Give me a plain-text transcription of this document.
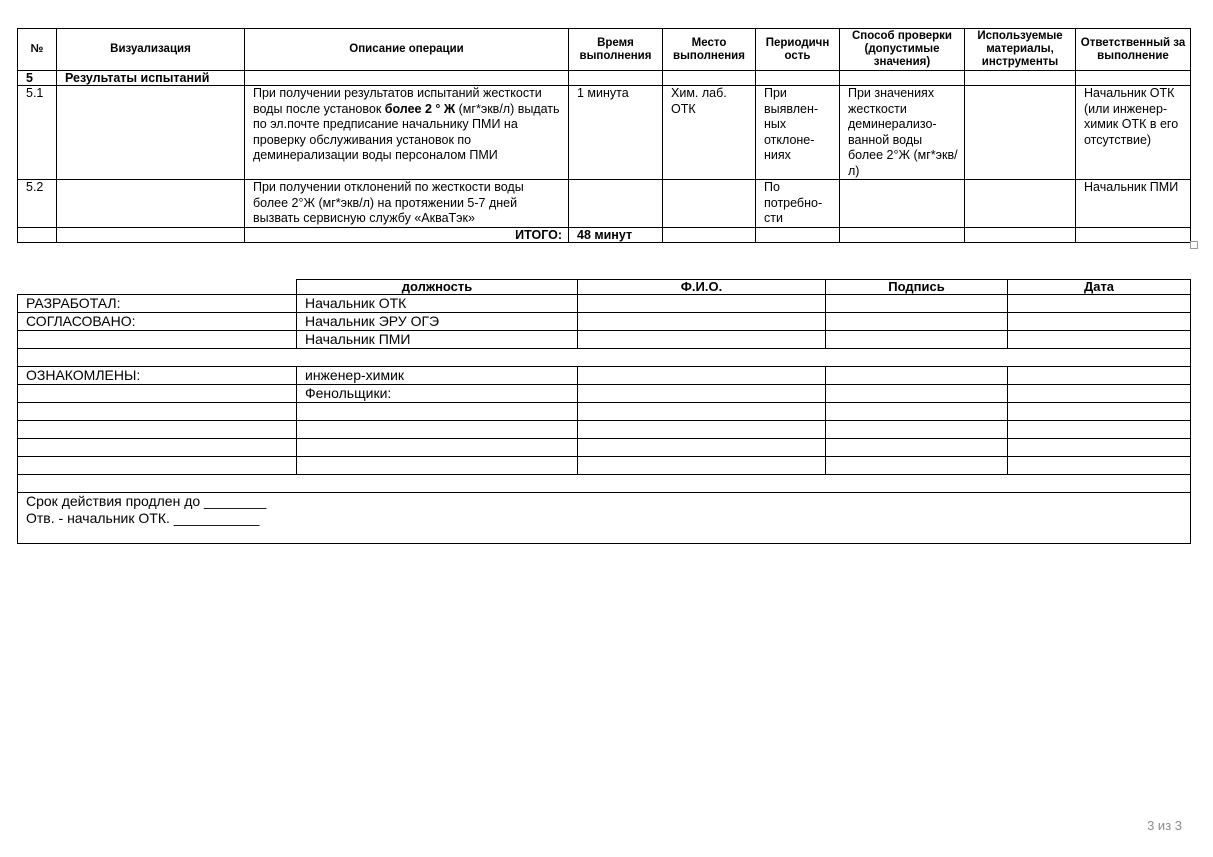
№	Визуализация	Описание операции	Время выполнения	Место выполнения	Периодичн ость	Способ проверки (допустимые значения)	Используемые материалы, инструменты	Ответственный за выполнение
5	Результаты испытаний							
5.1		При получении результатов испытаний жесткости воды после установок более 2 ° Ж (мг*экв/л) выдать по эл.почте предписание начальнику ПМИ на проверку обслуживания установок по деминерализации воды персоналом ПМИ	1 минута	Хим. лаб. ОТК	При выявлен-ных отклоне-ниях	При значениях жесткости деминерализо-ванной воды более 2°Ж (мг*экв/л)		Начальник ОТК (или инженер-химик ОТК в его отсутствие)
5.2		При получении отклонений по жесткости воды более 2°Ж (мг*экв/л) на протяжении 5-7 дней вызвать сервисную службу «АкваТэк»			По потребно-сти			Начальник ПМИ
		ИТОГО:	48 минут					
	должность	Ф.И.О.	Подпись	Дата
РАЗРАБОТАЛ:	Начальник ОТК			
СОГЛАСОВАНО:	Начальник ЭРУ ОГЭ			
	Начальник ПМИ			

ОЗНАКОМЛЕНЫ:	инженер-химик			
	Фенольщики:			

Срок действия продлен до ________
Отв. - начальник ОТК. ___________				
3 из 3
